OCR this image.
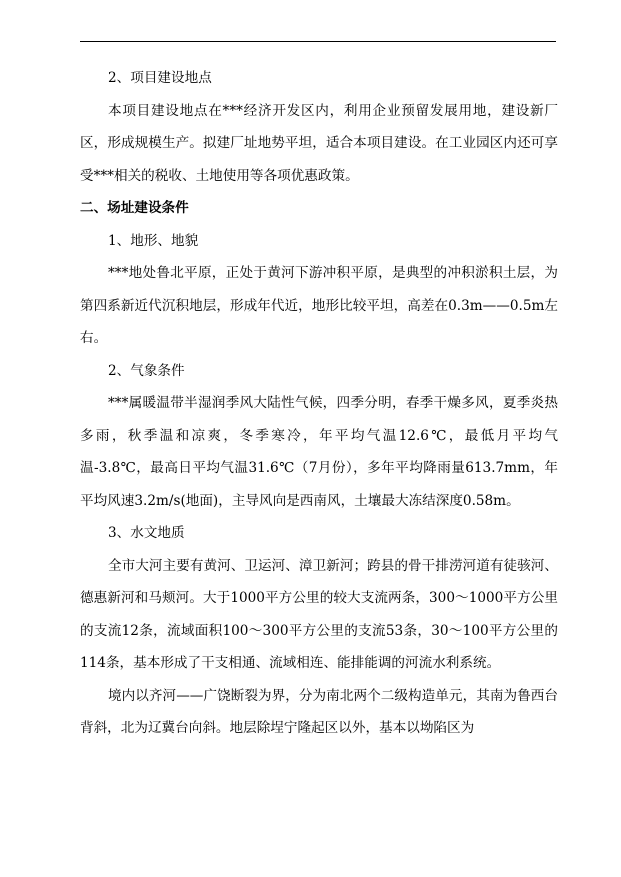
2、项目建设地点

本项目建设地点在***经济开发区内，利用企业预留发展用地，建设新厂区，形成规模生产。拟建厂址地势平坦，适合本项目建设。在工业园区内还可享受***相关的税收、土地使用等各项优惠政策。

二、场址建设条件

1、地形、地貌

***地处鲁北平原，正处于黄河下游冲积平原，是典型的冲积淤积土层，为第四系新近代沉积地层，形成年代近，地形比较平坦，高差在0.3m——0.5m左右。

2、气象条件

***属暖温带半湿润季风大陆性气候，四季分明，春季干燥多风，夏季炎热多雨，秋季温和凉爽，冬季寒冷，年平均气温12.6℃，最低月平均气温-3.8℃，最高日平均气温31.6℃（7月份），多年平均降雨量613.7mm，年平均风速3.2m/s(地面)，主导风向是西南风，土壤最大冻结深度0.58m。

3、水文地质

全市大河主要有黄河、卫运河、漳卫新河；跨县的骨干排涝河道有徒骇河、德惠新河和马颊河。大于1000平方公里的较大支流两条，300～1000平方公里的支流12条，流域面积100～300平方公里的支流53条，30～100平方公里的114条，基本形成了干支相通、流域相连、能排能调的河流水利系统。

境内以齐河——广饶断裂为界，分为南北两个二级构造单元，其南为鲁西台背斜，北为辽冀台向斜。地层除埕宁隆起区以外，基本以坳陷区为
